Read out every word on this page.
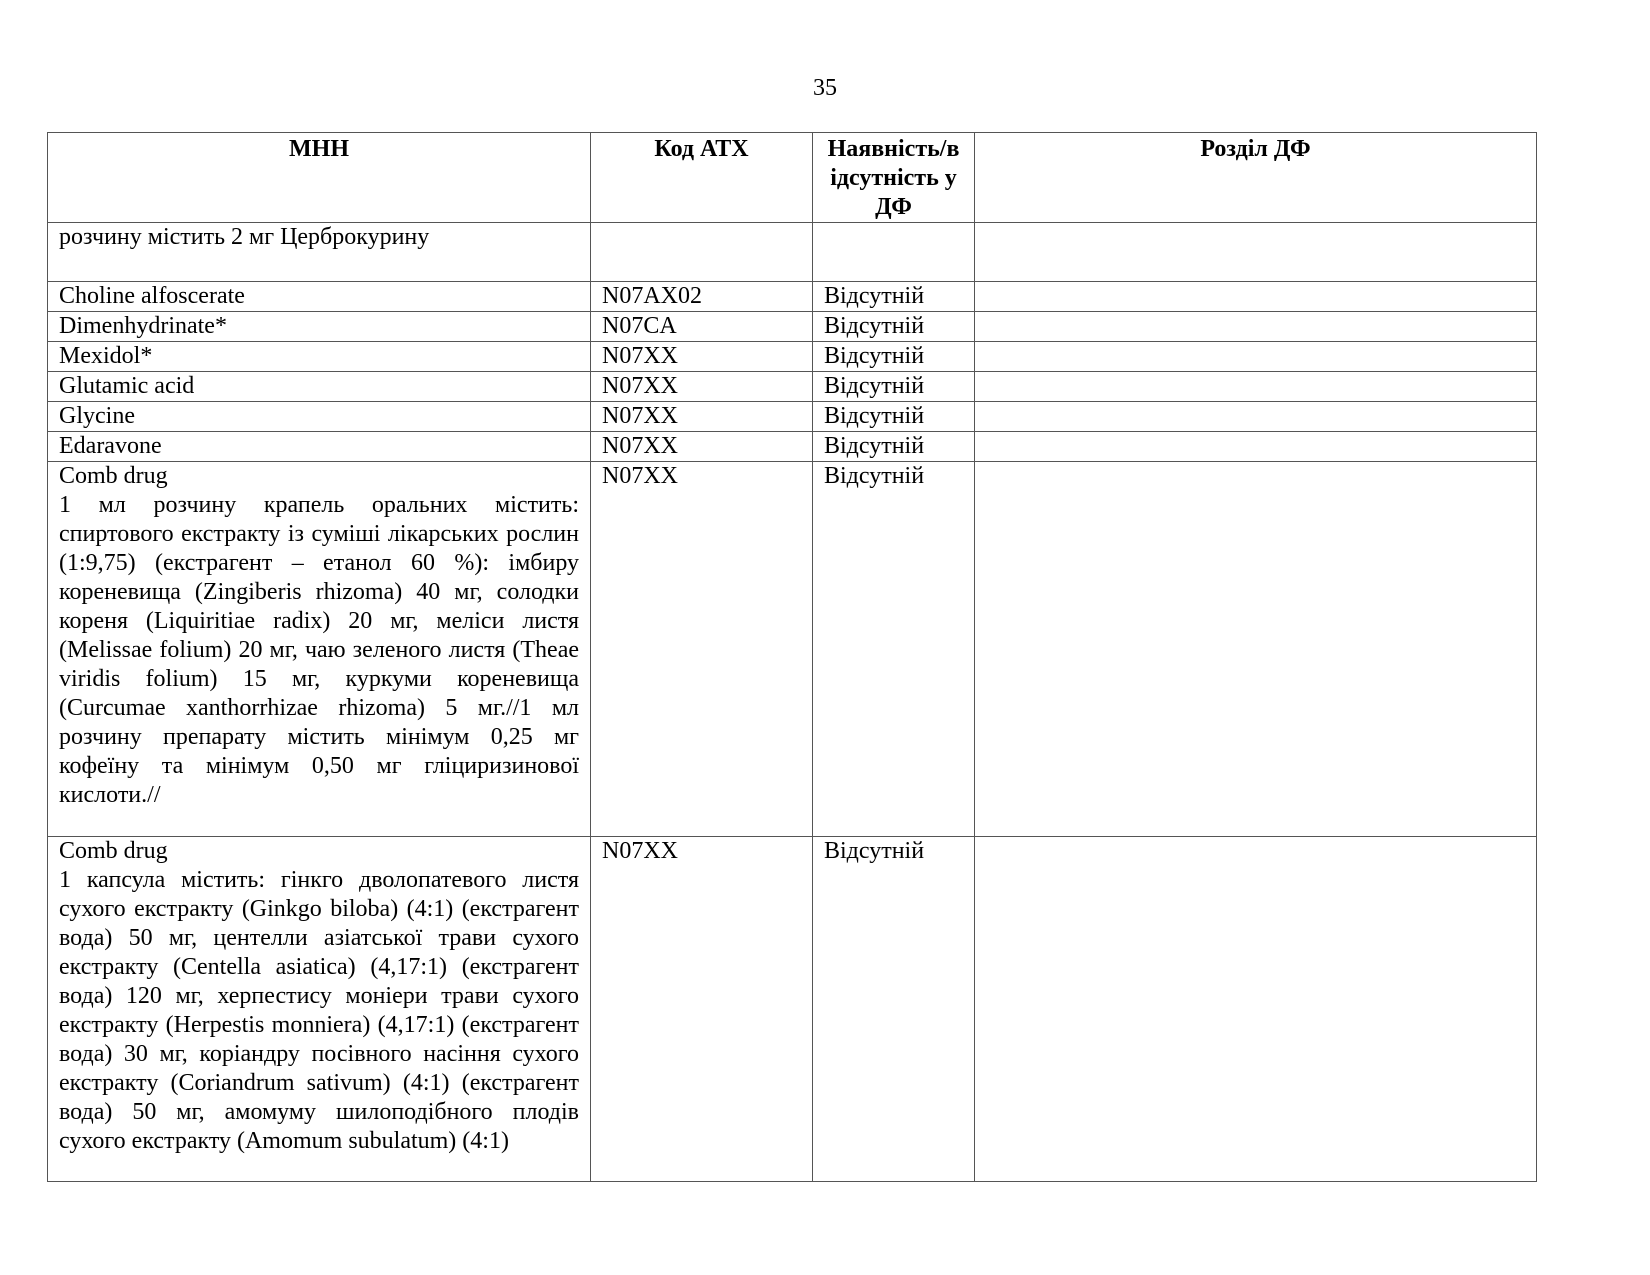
35
МНН	Код АТХ	Наявність/в ідсутність у ДФ	Розділ ДФ
розчину містить 2 мг Церброкурину			
Choline alfoscerate	N07AX02	Відсутній	
Dimenhydrinate*	N07CA	Відсутній	
Mexidol*	N07XX	Відсутній	
Glutamic acid	N07XX	Відсутній	
Glycine	N07XX	Відсутній	
Edaravone	N07XX	Відсутній	

Comb drug
1 мл розчину крапель оральних містить: спиртового екстракту із суміші лікарських рослин (1:9,75) (екстрагент – етанол 60 %): імбиру кореневища (Zingiberis rhizoma) 40 мг, солодки кореня (Liquiritiae radix) 20 мг, меліси листя (Melissae folium) 20 мг, чаю зеленого листя (Theae viridis folium) 15 мг, куркуми кореневища (Curcumae xanthorrhizae rhizoma) 5 мг.//1 мл розчину препарату містить мінімум 0,25 мг кофеїну та мінімум 0,50 мг гліциризинової кислоти.//	N07XX	Відсутній	

Comb drug
1 капсула містить: гінкго дволопатевого листя сухого екстракту (Ginkgo biloba) (4:1) (екстрагент вода) 50 мг, центелли азіатської трави сухого екстракту (Centella asiatica) (4,17:1) (екстрагент вода) 120 мг, херпестису моніери трави сухого екстракту (Herpestis monniera) (4,17:1) (екстрагент вода) 30 мг, коріандру посівного насіння сухого екстракту (Coriandrum sativum) (4:1) (екстрагент вода) 50 мг, амомуму шилоподібного плодів сухого екстракту (Amomum subulatum) (4:1)	N07XX	Відсутній	
